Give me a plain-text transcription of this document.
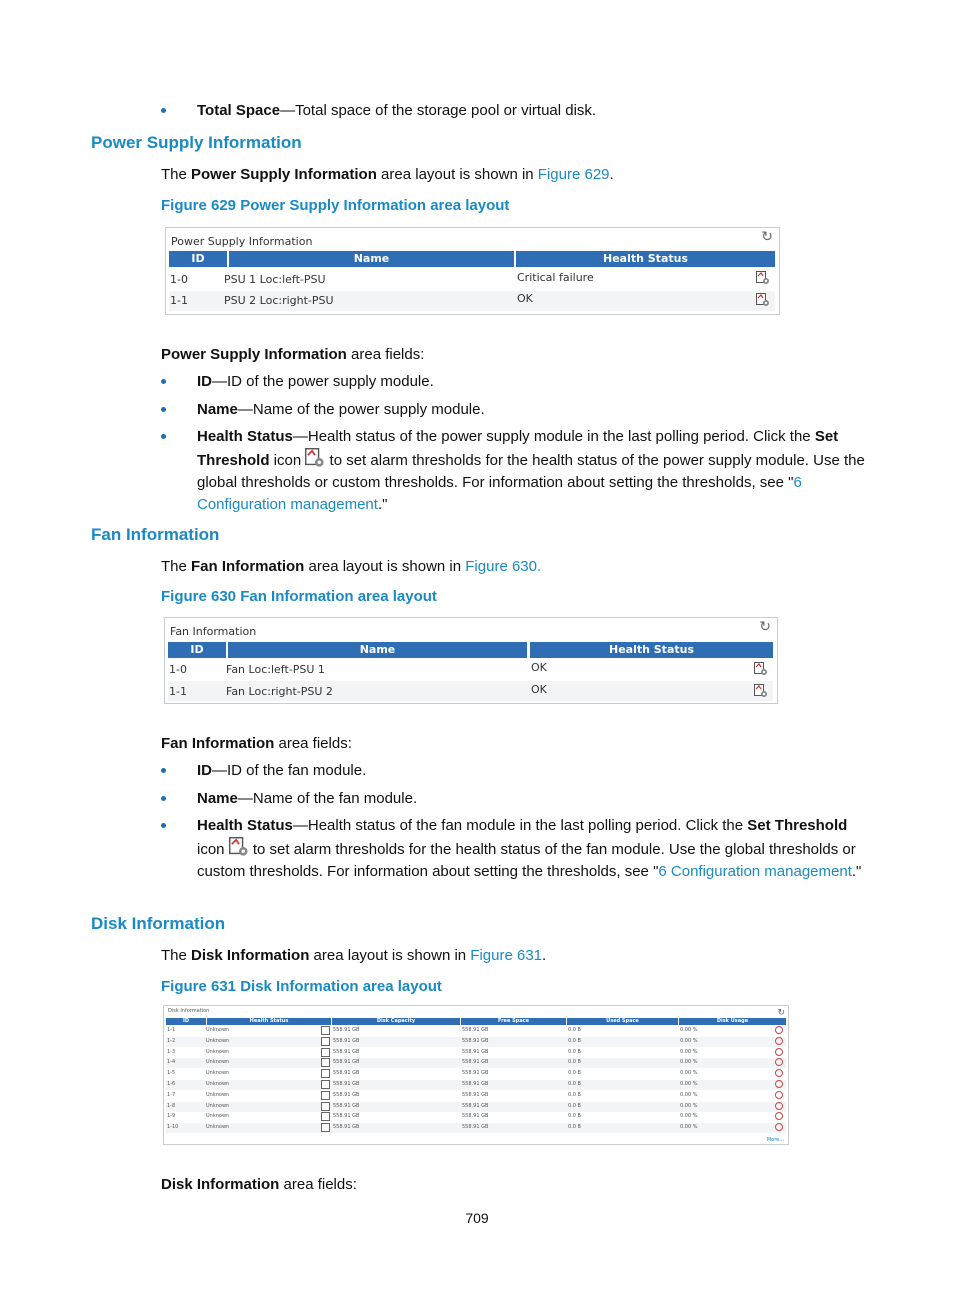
Total Space—Total space of the storage pool or virtual disk.
Power Supply Information
The Power Supply Information area layout is shown in Figure 629.
Figure 629 Power Supply Information area layout
Power Supply Information	↻
ID	Name	Health Status
1-0	PSU 1 Loc:left-PSU	Critical failure
1-1	PSU 2 Loc:right-PSU	OK
Power Supply Information area fields:
ID—ID of the power supply module.
Name—Name of the power supply module.
Health Status—Health status of the power supply module in the last polling period. Click the Set Threshold icon  to set alarm thresholds for the health status of the power supply module. Use the global thresholds or custom thresholds. For information about setting the thresholds, see "6 Configuration management."
Fan Information
The Fan Information area layout is shown in Figure 630.
Figure 630 Fan Information area layout
Fan Information	↻
ID	Name	Health Status
1-0	Fan Loc:left-PSU 1	OK
1-1	Fan Loc:right-PSU 2	OK
Fan Information area fields:
ID—ID of the fan module.
Name—Name of the fan module.
Health Status—Health status of the fan module in the last polling period. Click the Set Threshold icon  to set alarm thresholds for the health status of the fan module. Use the global thresholds or custom thresholds. For information about setting the thresholds, see "6 Configuration management."
Disk Information
The Disk Information area layout is shown in Figure 631.
Figure 631 Disk Information area layout
Disk Information	↻
ID	Health Status	Disk Capacity	Free Space	Used Space	Disk Usage
1-1	Unknown	558.91 GB	558.91 GB	0.0 B	0.00 %
1-2	Unknown	558.91 GB	558.91 GB	0.0 B	0.00 %
1-3	Unknown	558.91 GB	558.91 GB	0.0 B	0.00 %
1-4	Unknown	558.91 GB	558.91 GB	0.0 B	0.00 %
1-5	Unknown	558.91 GB	558.91 GB	0.0 B	0.00 %
1-6	Unknown	558.91 GB	558.91 GB	0.0 B	0.00 %
1-7	Unknown	558.91 GB	558.91 GB	0.0 B	0.00 %
1-8	Unknown	558.91 GB	558.91 GB	0.0 B	0.00 %
1-9	Unknown	558.91 GB	558.91 GB	0.0 B	0.00 %
1-10	Unknown	558.91 GB	558.91 GB	0.0 B	0.00 %
More...
Disk Information area fields:
709
